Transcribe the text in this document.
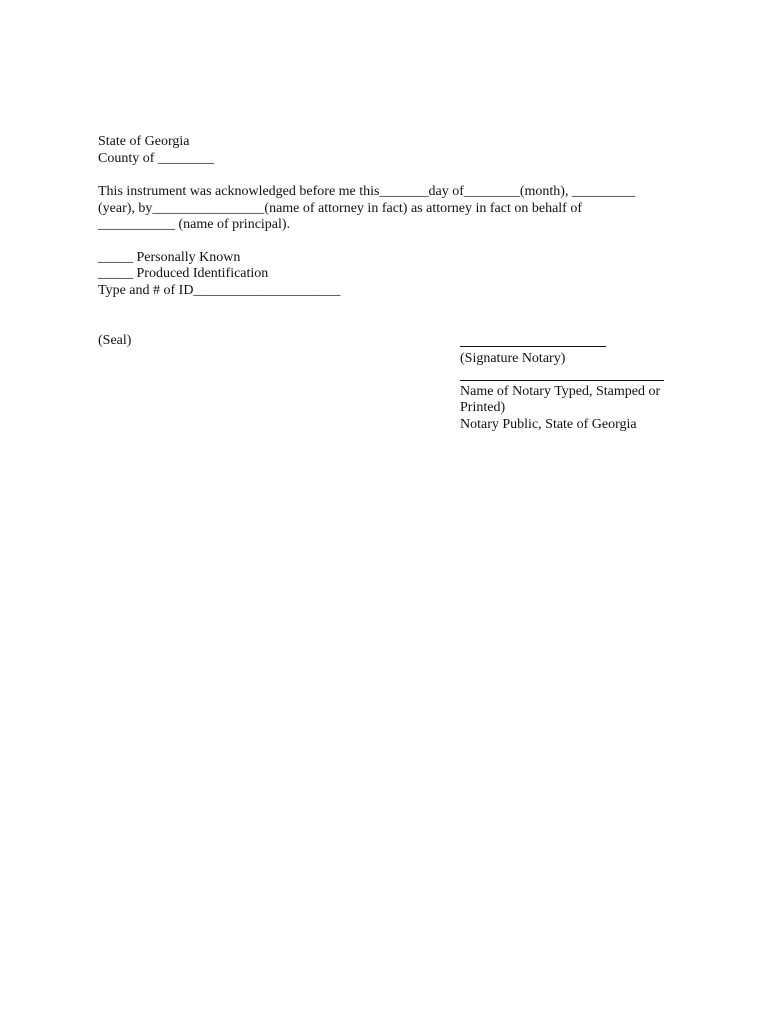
State of Georgia

County of ________

This instrument was acknowledged before me this_______day of________(month), _________

(year), by________________(name of attorney in fact) as attorney in fact on behalf of

___________ (name of principal).

_____ Personally Known

_____ Produced Identification

Type and # of ID_____________________

(Seal)

(Signature Notary)

Name of Notary Typed, Stamped or

Printed)

Notary Public, State of Georgia
